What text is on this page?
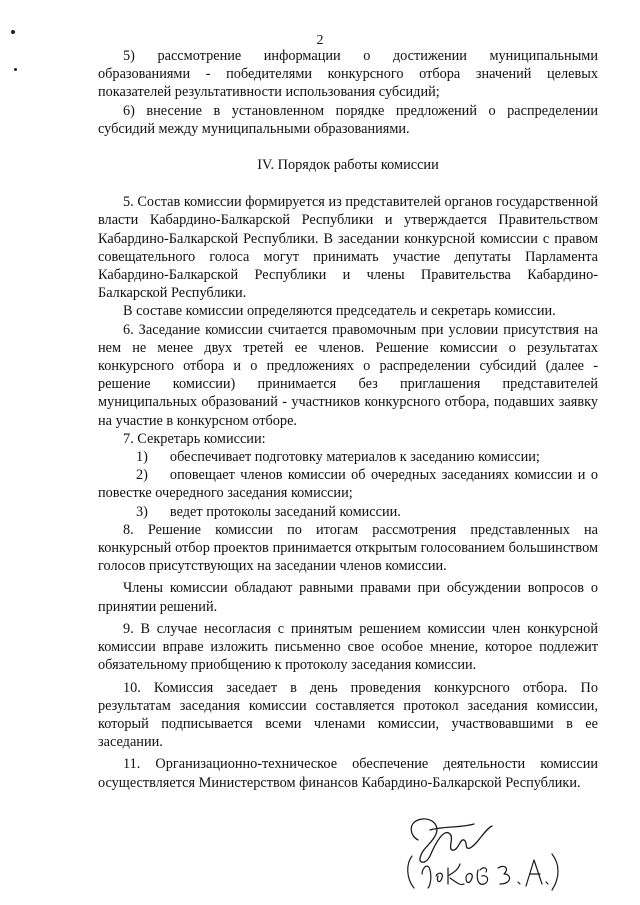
2

5) рассмотрение информации о достижении муниципальными образованиями - победителями конкурсного отбора значений целевых показателей результативности использования субсидий;

6) внесение в установленном порядке предложений о распределении субсидий между муниципальными образованиями.

IV. Порядок работы комиссии

5. Состав комиссии формируется из представителей органов государственной власти Кабардино-Балкарской Республики и утверждается Правительством Кабардино-Балкарской Республики. В заседании конкурсной комиссии с правом совещательного голоса могут принимать участие депутаты Парламента Кабардино-Балкарской Республики и члены Правительства Кабардино-Балкарской Республики.

В составе комиссии определяются председатель и секретарь комиссии.

6. Заседание комиссии считается правомочным при условии присутствия на нем не менее двух третей ее членов. Решение комиссии о результатах конкурсного отбора и о предложениях о распределении субсидий (далее - решение комиссии) принимается без приглашения представителей муниципальных образований - участников конкурсного отбора, подавших заявку на участие в конкурсном отборе.

7. Секретарь комиссии:

1) обеспечивает подготовку материалов к заседанию комиссии;

2) оповещает членов комиссии об очередных заседаниях комиссии и о повестке очередного заседания комиссии;

3) ведет протоколы заседаний комиссии.

8. Решение комиссии по итогам рассмотрения представленных на конкурсный отбор проектов принимается открытым голосованием большинством голосов присутствующих на заседании членов комиссии.

Члены комиссии обладают равными правами при обсуждении вопросов о принятии решений.

9. В случае несогласия с принятым решением комиссии член конкурсной комиссии вправе изложить письменно свое особое мнение, которое подлежит обязательному приобщению к протоколу заседания комиссии.

10. Комиссия заседает в день проведения конкурсного отбора. По результатам заседания комиссии составляется протокол заседания комиссии, который подписывается всеми членами комиссии, участвовавшими в ее заседании.

11. Организационно-техническое обеспечение деятельности комиссии осуществляется Министерством финансов Кабардино-Балкарской Республики.
